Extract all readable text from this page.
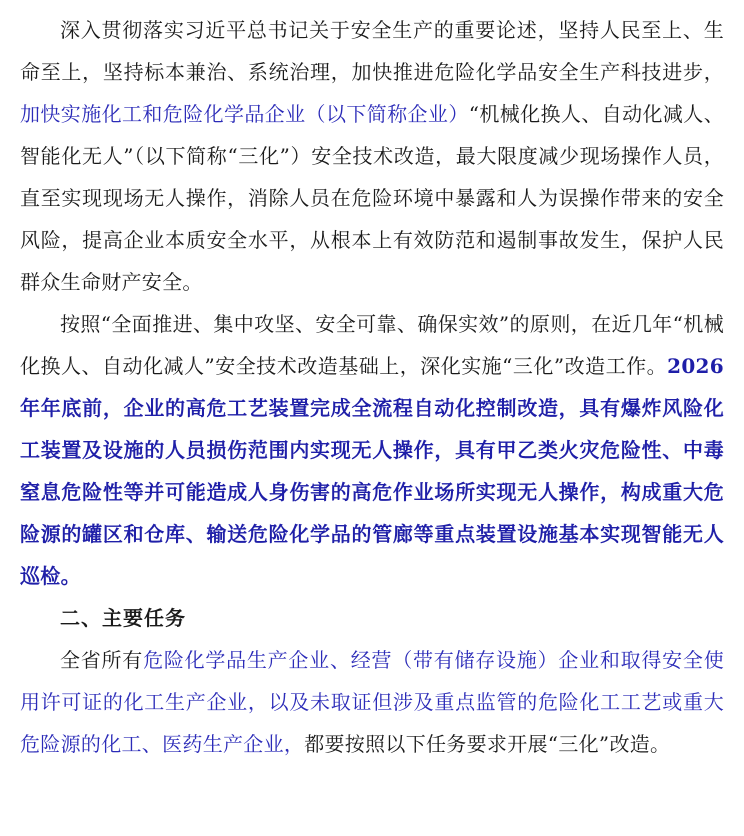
深入贯彻落实习近平总书记关于安全生产的重要论述，坚持人民至上、生命至上，坚持标本兼治、系统治理，加快推进危险化学品安全生产科技进步，加快实施化工和危险化学品企业（以下简称企业）“机械化换人、自动化减人、智能化无人”（以下简称“三化”）安全技术改造，最大限度减少现场操作人员，直至实现现场无人操作，消除人员在危险环境中暴露和人为误操作带来的安全风险，提高企业本质安全水平，从根本上有效防范和遏制事故发生，保护人民群众生命财产安全。

按照“全面推进、集中攻坚、安全可靠、确保实效”的原则，在近几年“机械化换人、自动化减人”安全技术改造基础上，深化实施“三化”改造工作。2026年年底前，企业的高危工艺装置完成全流程自动化控制改造，具有爆炸风险化工装置及设施的人员损伤范围内实现无人操作，具有甲乙类火灾危险性、中毒窒息危险性等并可能造成人身伤害的高危作业场所实现无人操作，构成重大危险源的罐区和仓库、输送危险化学品的管廊等重点装置设施基本实现智能无人巡检。

二、主要任务

全省所有危险化学品生产企业、经营（带有储存设施）企业和取得安全使用许可证的化工生产企业，以及未取证但涉及重点监管的危险化工工艺或重大危险源的化工、医药生产企业，都要按照以下任务要求开展“三化”改造。
